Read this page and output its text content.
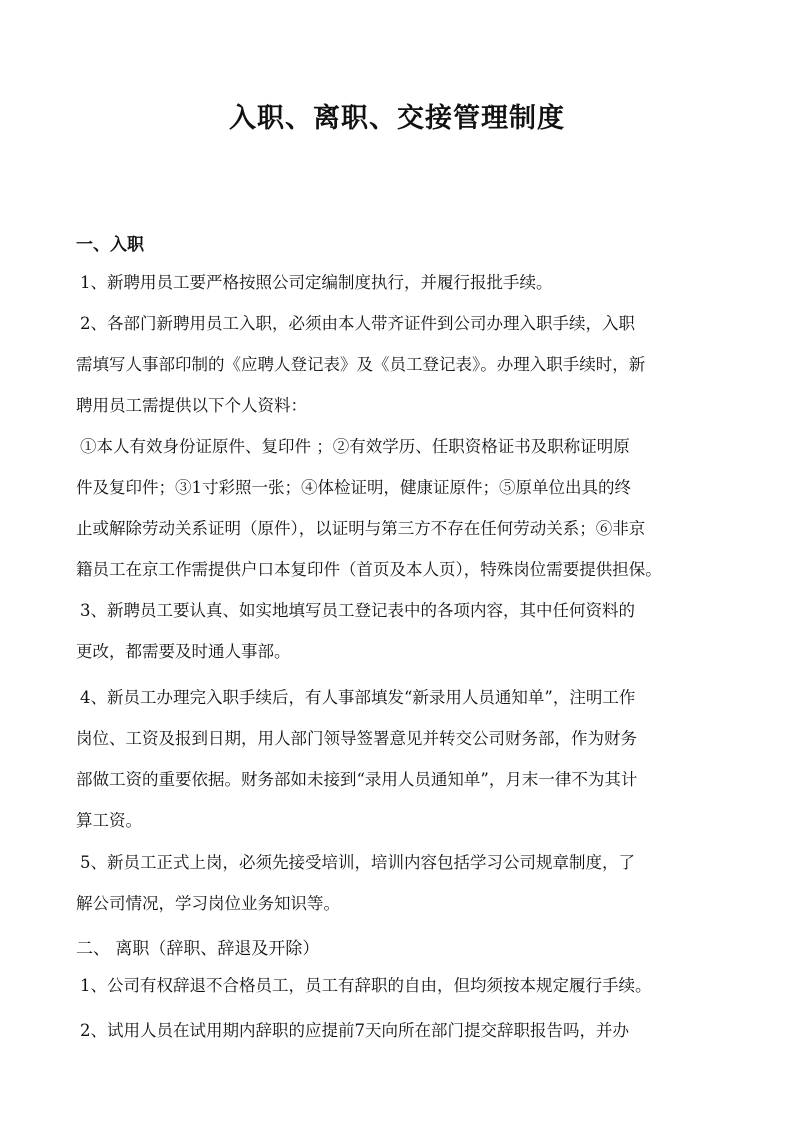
入职、离职、交接管理制度
一、入职
1、新聘用员工要严格按照公司定编制度执行，并履行报批手续。
2、各部门新聘用员工入职，必须由本人带齐证件到公司办理入职手续，入职
需填写人事部印制的《应聘人登记表》及《员工登记表》。办理入职手续时，新
聘用员工需提供以下个人资料：
①本人有效身份证原件、复印件 ；②有效学历、任职资格证书及职称证明原
件及复印件；③1寸彩照一张；④体检证明，健康证原件；⑤原单位出具的终
止或解除劳动关系证明（原件），以证明与第三方不存在任何劳动关系；⑥非京
籍员工在京工作需提供户口本复印件（首页及本人页），特殊岗位需要提供担保。
3、新聘员工要认真、如实地填写员工登记表中的各项内容，其中任何资料的
更改，都需要及时通人事部。
4、新员工办理完入职手续后，有人事部填发“新录用人员通知单”，注明工作
岗位、工资及报到日期，用人部门领导签署意见并转交公司财务部，作为财务
部做工资的重要依据。财务部如未接到“录用人员通知单”，月末一律不为其计
算工资。
5、新员工正式上岗，必须先接受培训，培训内容包括学习公司规章制度，了
解公司情况，学习岗位业务知识等。
二、 离职（辞职、辞退及开除）
1、公司有权辞退不合格员工，员工有辞职的自由，但均须按本规定履行手续。
2、试用人员在试用期内辞职的应提前7天向所在部门提交辞职报告吗，并办
